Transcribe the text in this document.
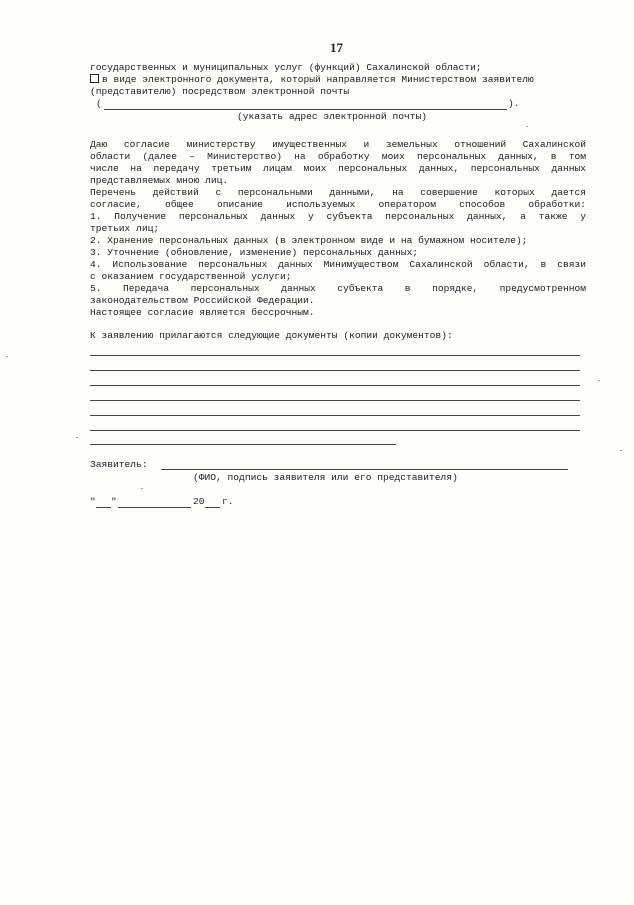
17
государственных и муниципальных услуг (функций) Сахалинской области;
в виде электронного документа, который направляется Министерством заявителю
(представителю) посредством электронной почты
(	).
(указать адрес электронной почты)
Даю согласие министерству имущественных и земельных отношений Сахалинской
области (далее – Министерство) на обработку моих персональных данных, в том
числе на передачу третьим лицам моих персональных данных, персональных данных
представляемых мною лиц.
Перечень действий с персональными данными, на совершение которых дается
согласие, общее описание используемых оператором способов обработки:
1. Получение персональных данных у субъекта персональных данных, а также у
третьих лиц;
2. Хранение персональных данных (в электронном виде и на бумажном носителе);
3. Уточнение (обновление, изменение) персональных данных;
4. Использование персональных данных Минимуществом Сахалинской области, в связи
с оказанием государственной услуги;
5. Передача персональных данных субъекта в порядке, предусмотренном
законодательством Российской Федерации.
Настоящее согласие является бессрочным.
К заявлению прилагаются следующие документы (копии документов):
Заявитель:
(ФИО, подпись заявителя или его представителя)
" "	20 г.
